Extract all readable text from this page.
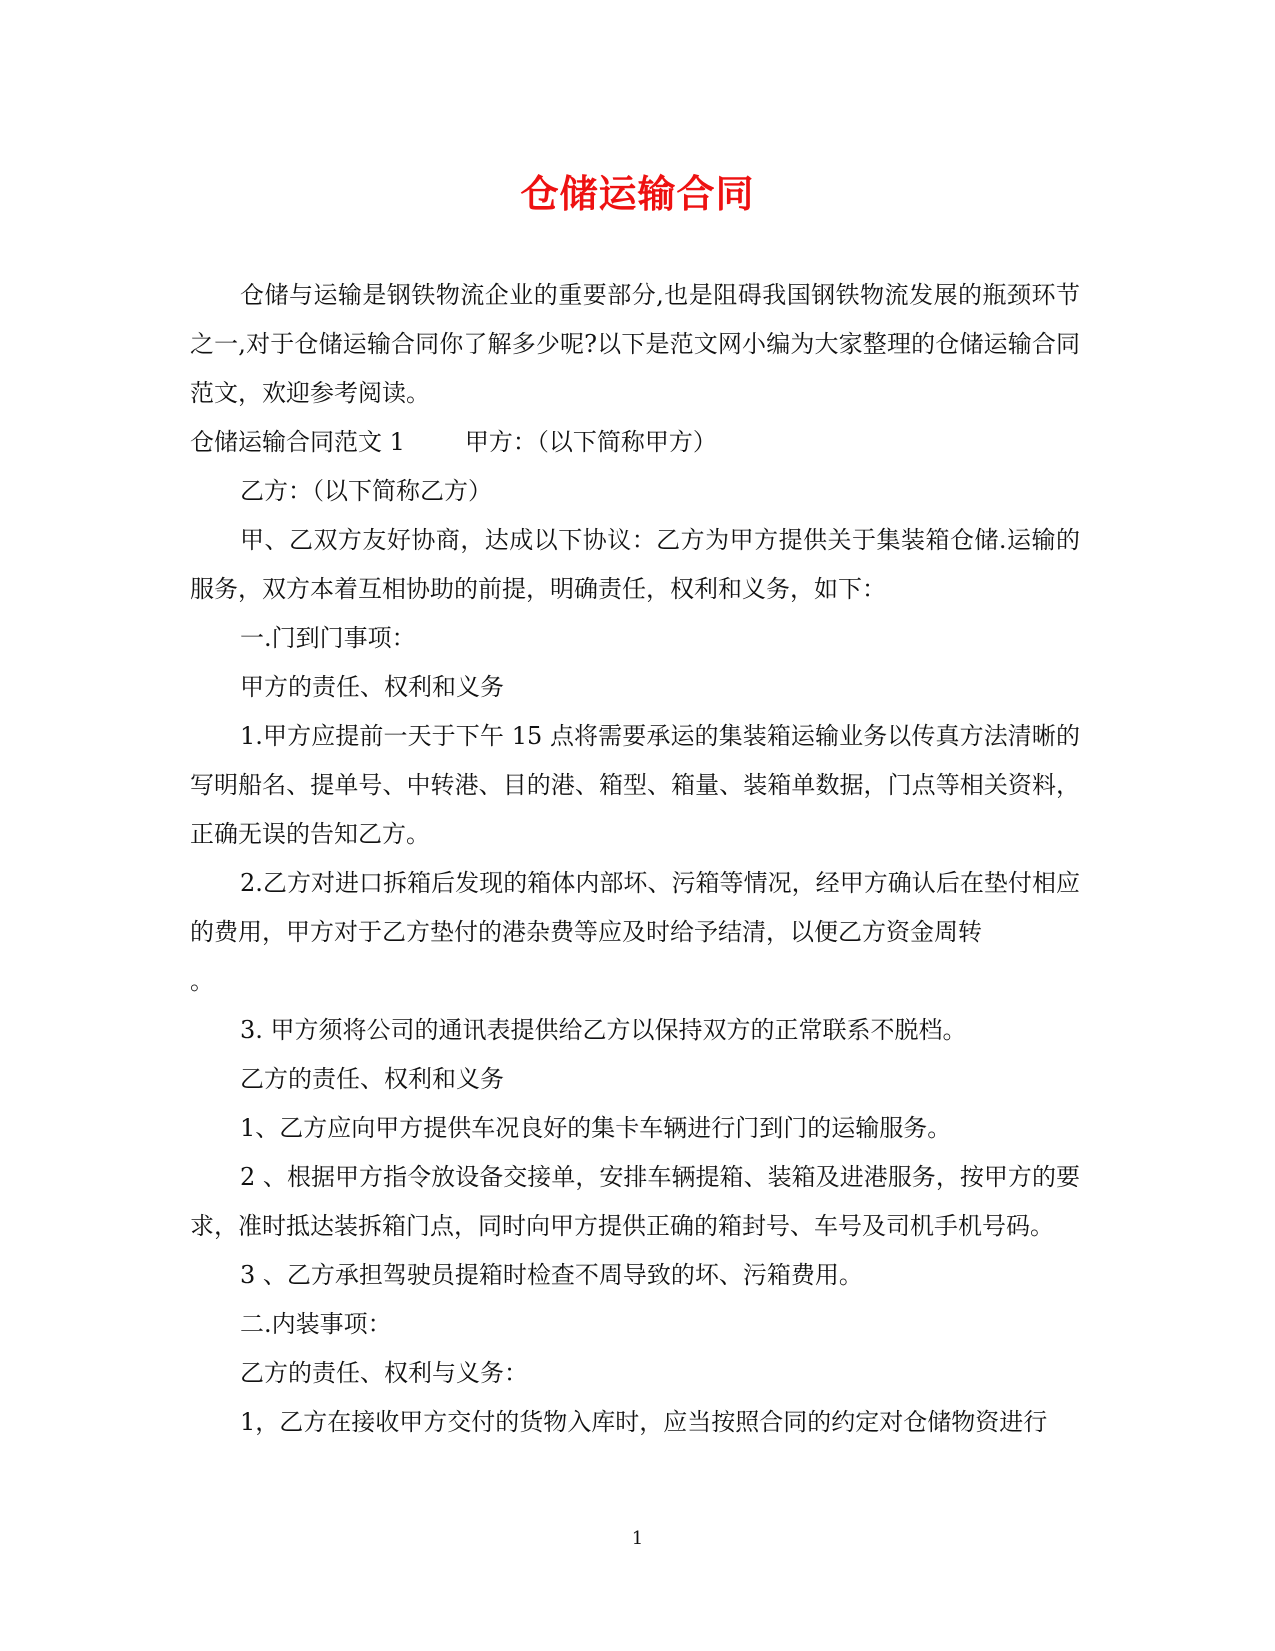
仓储运输合同

仓储与运输是钢铁物流企业的重要部分,也是阻碍我国钢铁物流发展的瓶颈环节之一,对于仓储运输合同你了解多少呢?以下是范文网小编为大家整理的仓储运输合同范文，欢迎参考阅读。

仓储运输合同范文 1	甲方：（以下简称甲方）

乙方：（以下简称乙方）

甲、乙双方友好协商，达成以下协议：乙方为甲方提供关于集装箱仓储.运输的服务，双方本着互相协助的前提，明确责任，权利和义务，如下：

一.门到门事项：

甲方的责任、权利和义务

1.甲方应提前一天于下午 15 点将需要承运的集装箱运输业务以传真方法清晰的写明船名、提单号、中转港、目的港、箱型、箱量、装箱单数据，门点等相关资料，正确无误的告知乙方。

2.乙方对进口拆箱后发现的箱体内部坏、污箱等情况，经甲方确认后在垫付相应的费用，甲方对于乙方垫付的港杂费等应及时给予结清，以便乙方资金周转

。

3. 甲方须将公司的通讯表提供给乙方以保持双方的正常联系不脱档。

乙方的责任、权利和义务

1、乙方应向甲方提供车况良好的集卡车辆进行门到门的运输服务。

2 、根据甲方指令放设备交接单，安排车辆提箱、装箱及进港服务，按甲方的要求，准时抵达装拆箱门点，同时向甲方提供正确的箱封号、车号及司机手机号码。

3 、乙方承担驾驶员提箱时检查不周导致的坏、污箱费用。

二.内装事项：

乙方的责任、权利与义务：

1，乙方在接收甲方交付的货物入库时，应当按照合同的约定对仓储物资进行

1
